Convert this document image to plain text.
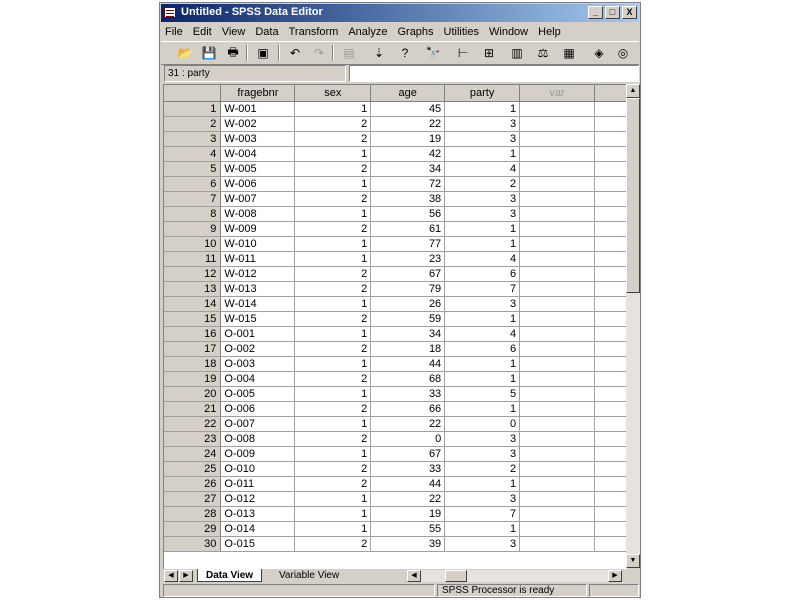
Untitled - SPSS Data Editor	_	□	X
File Edit View Data Transform Analyze Graphs Utilities Window Help
📂 💾 🖶	▣	↶	↷	▤	⇣	?	🔭	⊢	⊞	▥	⚖	▦	◈	◎
31 : party
	fragebnr	sex	age	party	var	
1	W-001	1	45	1		
2	W-002	2	22	3		
3	W-003	2	19	3		
4	W-004	1	42	1		
5	W-005	2	34	4		
6	W-006	1	72	2		
7	W-007	2	38	3		
8	W-008	1	56	3		
9	W-009	2	61	1		
10	W-010	1	77	1		
11	W-011	1	23	4		
12	W-012	2	67	6		
13	W-013	2	79	7		
14	W-014	1	26	3		
15	W-015	2	59	1		
16	O-001	1	34	4		
17	O-002	2	18	6		
18	O-003	1	44	1		
19	O-004	2	68	1		
20	O-005	1	33	5		
21	O-006	2	66	1		
22	O-007	1	22	0		
23	O-008	2	0	3		
24	O-009	1	67	3		
25	O-010	2	33	2		
26	O-011	2	44	1		
27	O-012	1	22	3		
28	O-013	1	19	7		
29	O-014	1	55	1		
30	O-015	2	39	3		
▲
▼
◀	▶	Data View	Variable View	◀	▶
SPSS Processor is ready
